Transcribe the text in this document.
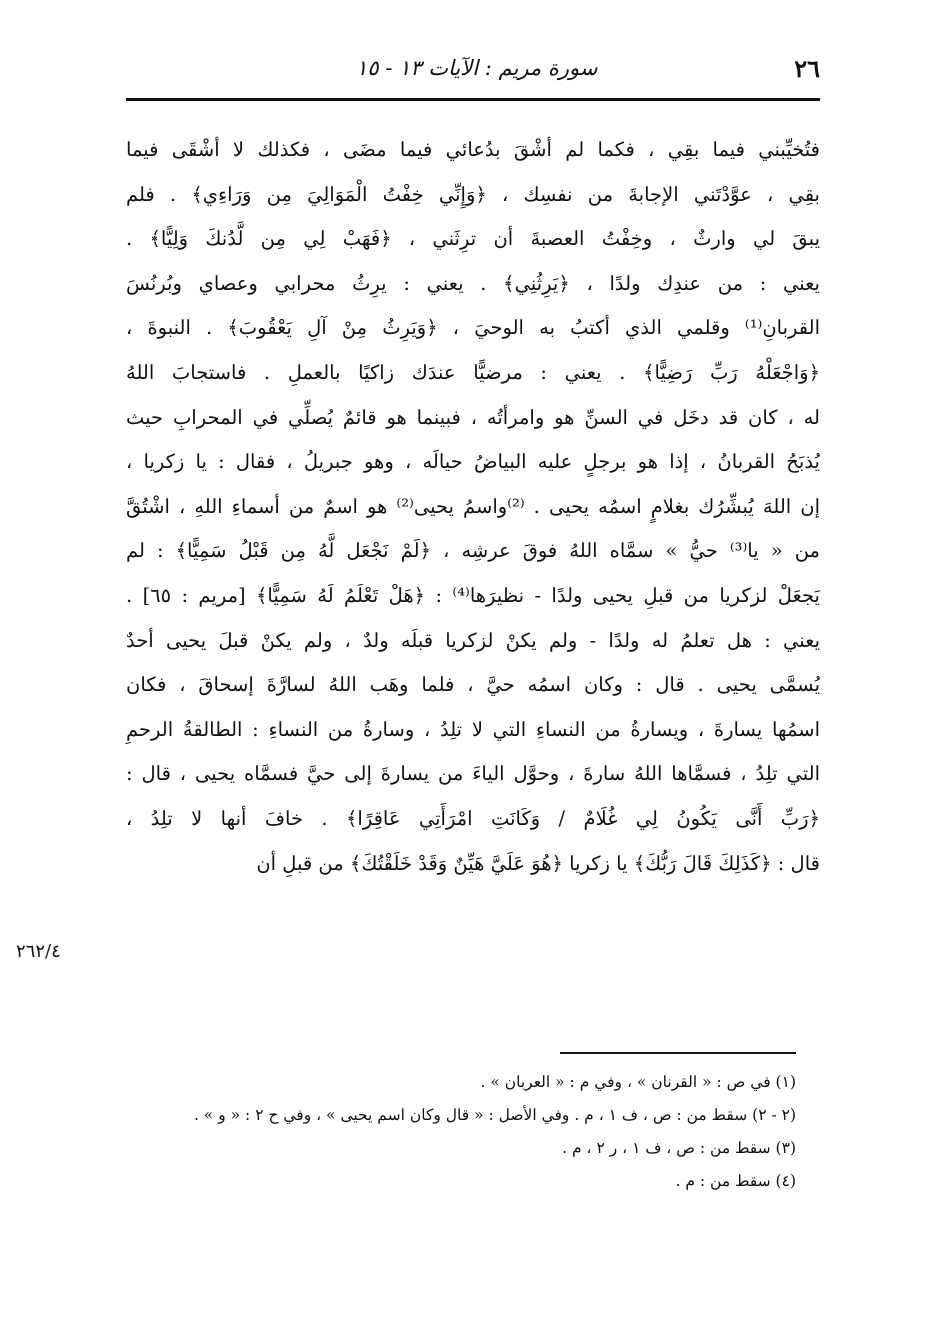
٢٦
سورة مريم : الآيات ١٣ - ١٥
فتُخيِّبني فيما بقِي ، فكما لم أشْقَ بدُعائي فيما مضَى ، فكذلك لا أشْقَى فيما
بقِي ، عوَّدْتَني الإجابةَ من نفسِك ، ﴿وَإِنِّي خِفْتُ الْمَوَالِيَ مِن وَرَاءِي﴾ . فلم
يبقَ لي وارثٌ ، وخِفْتُ العصبةَ أن ترِثَني ، ﴿فَهَبْ لِي مِن لَّدُنكَ وَلِيًّا﴾ .
يعني : من عندِك ولدًا ، ﴿يَرِثُنِي﴾ . يعني : يرِثُ محرابي وعصاي وبُرنُسَ
القربانِ⁽¹⁾ وقلمي الذي أكتبُ به الوحيَ ، ﴿وَيَرِثُ مِنْ آلِ يَعْقُوبَ﴾ . النبوةَ ،
﴿وَاجْعَلْهُ رَبِّ رَضِيًّا﴾ . يعني : مرضيًّا عندَك زاكيًا بالعملِ . فاستجابَ اللهُ
له ، كان قد دخَل في السنِّ هو وامرأتُه ، فبينما هو قائمٌ يُصلِّي في المحرابِ حيث
يُذبَحُ القربانُ ، إذا هو برجلٍ عليه البياضُ حيالَه ، وهو جبريلُ ، فقال : يا زكريا ،
إن اللهَ يُبشِّرُك بغلامٍ اسمُه يحيى . ⁽²⁾واسمُ يحيى⁽²⁾ هو اسمٌ من أسماءِ اللهِ ، اشْتُقَّ
من « يا⁽³⁾ حيُّ » سمَّاه اللهُ فوقَ عرشِه ، ﴿لَمْ نَجْعَل لَّهُ مِن قَبْلُ سَمِيًّا﴾ : لم
يَجعَلْ لزكريا من قبلِ يحيى ولدًا - نظيرَها⁽⁴⁾ : ﴿هَلْ تَعْلَمُ لَهُ سَمِيًّا﴾ [مريم : ٦٥] .
يعني : هل تعلمُ له ولدًا - ولم يكنْ لزكريا قبلَه ولدٌ ، ولم يكنْ قبلَ يحيى أحدٌ
يُسمَّى يحيى . قال : وكان اسمُه حيَّ ، فلما وهَب اللهُ لسارَّةَ إسحاقَ ، فكان
اسمُها يسارةَ ، ويسارةُ من النساءِ التي لا تلِدُ ، وسارةُ من النساءِ : الطالقةُ الرحمِ
التي تلِدُ ، فسمَّاها اللهُ سارةَ ، وحوَّل الياءَ من يسارةَ إلى حيَّ فسمَّاه يحيى ، قال :
﴿رَبِّ أَنَّى يَكُونُ لِي غُلَامٌ / وَكَانَتِ امْرَأَتِي عَاقِرًا﴾ . خافَ أنها لا تلِدُ ،
قال : ﴿كَذَلِكَ قَالَ رَبُّكَ﴾ يا زكريا ﴿هُوَ عَلَيَّ هَيِّنٌ وَقَدْ خَلَقْتُكَ﴾ من قبلِ أن
٢٦٢/٤
(١) في ص : « القرنان » ، وفي م : « العربان » .
(٢ - ٢) سقط من : ص ، ف ١ ، م . وفي الأصل : « قال وكان اسم يحيى » ، وفي ح ٢ : « و » .
(٣) سقط من : ص ، ف ١ ، ر ٢ ، م .
(٤) سقط من : م .
